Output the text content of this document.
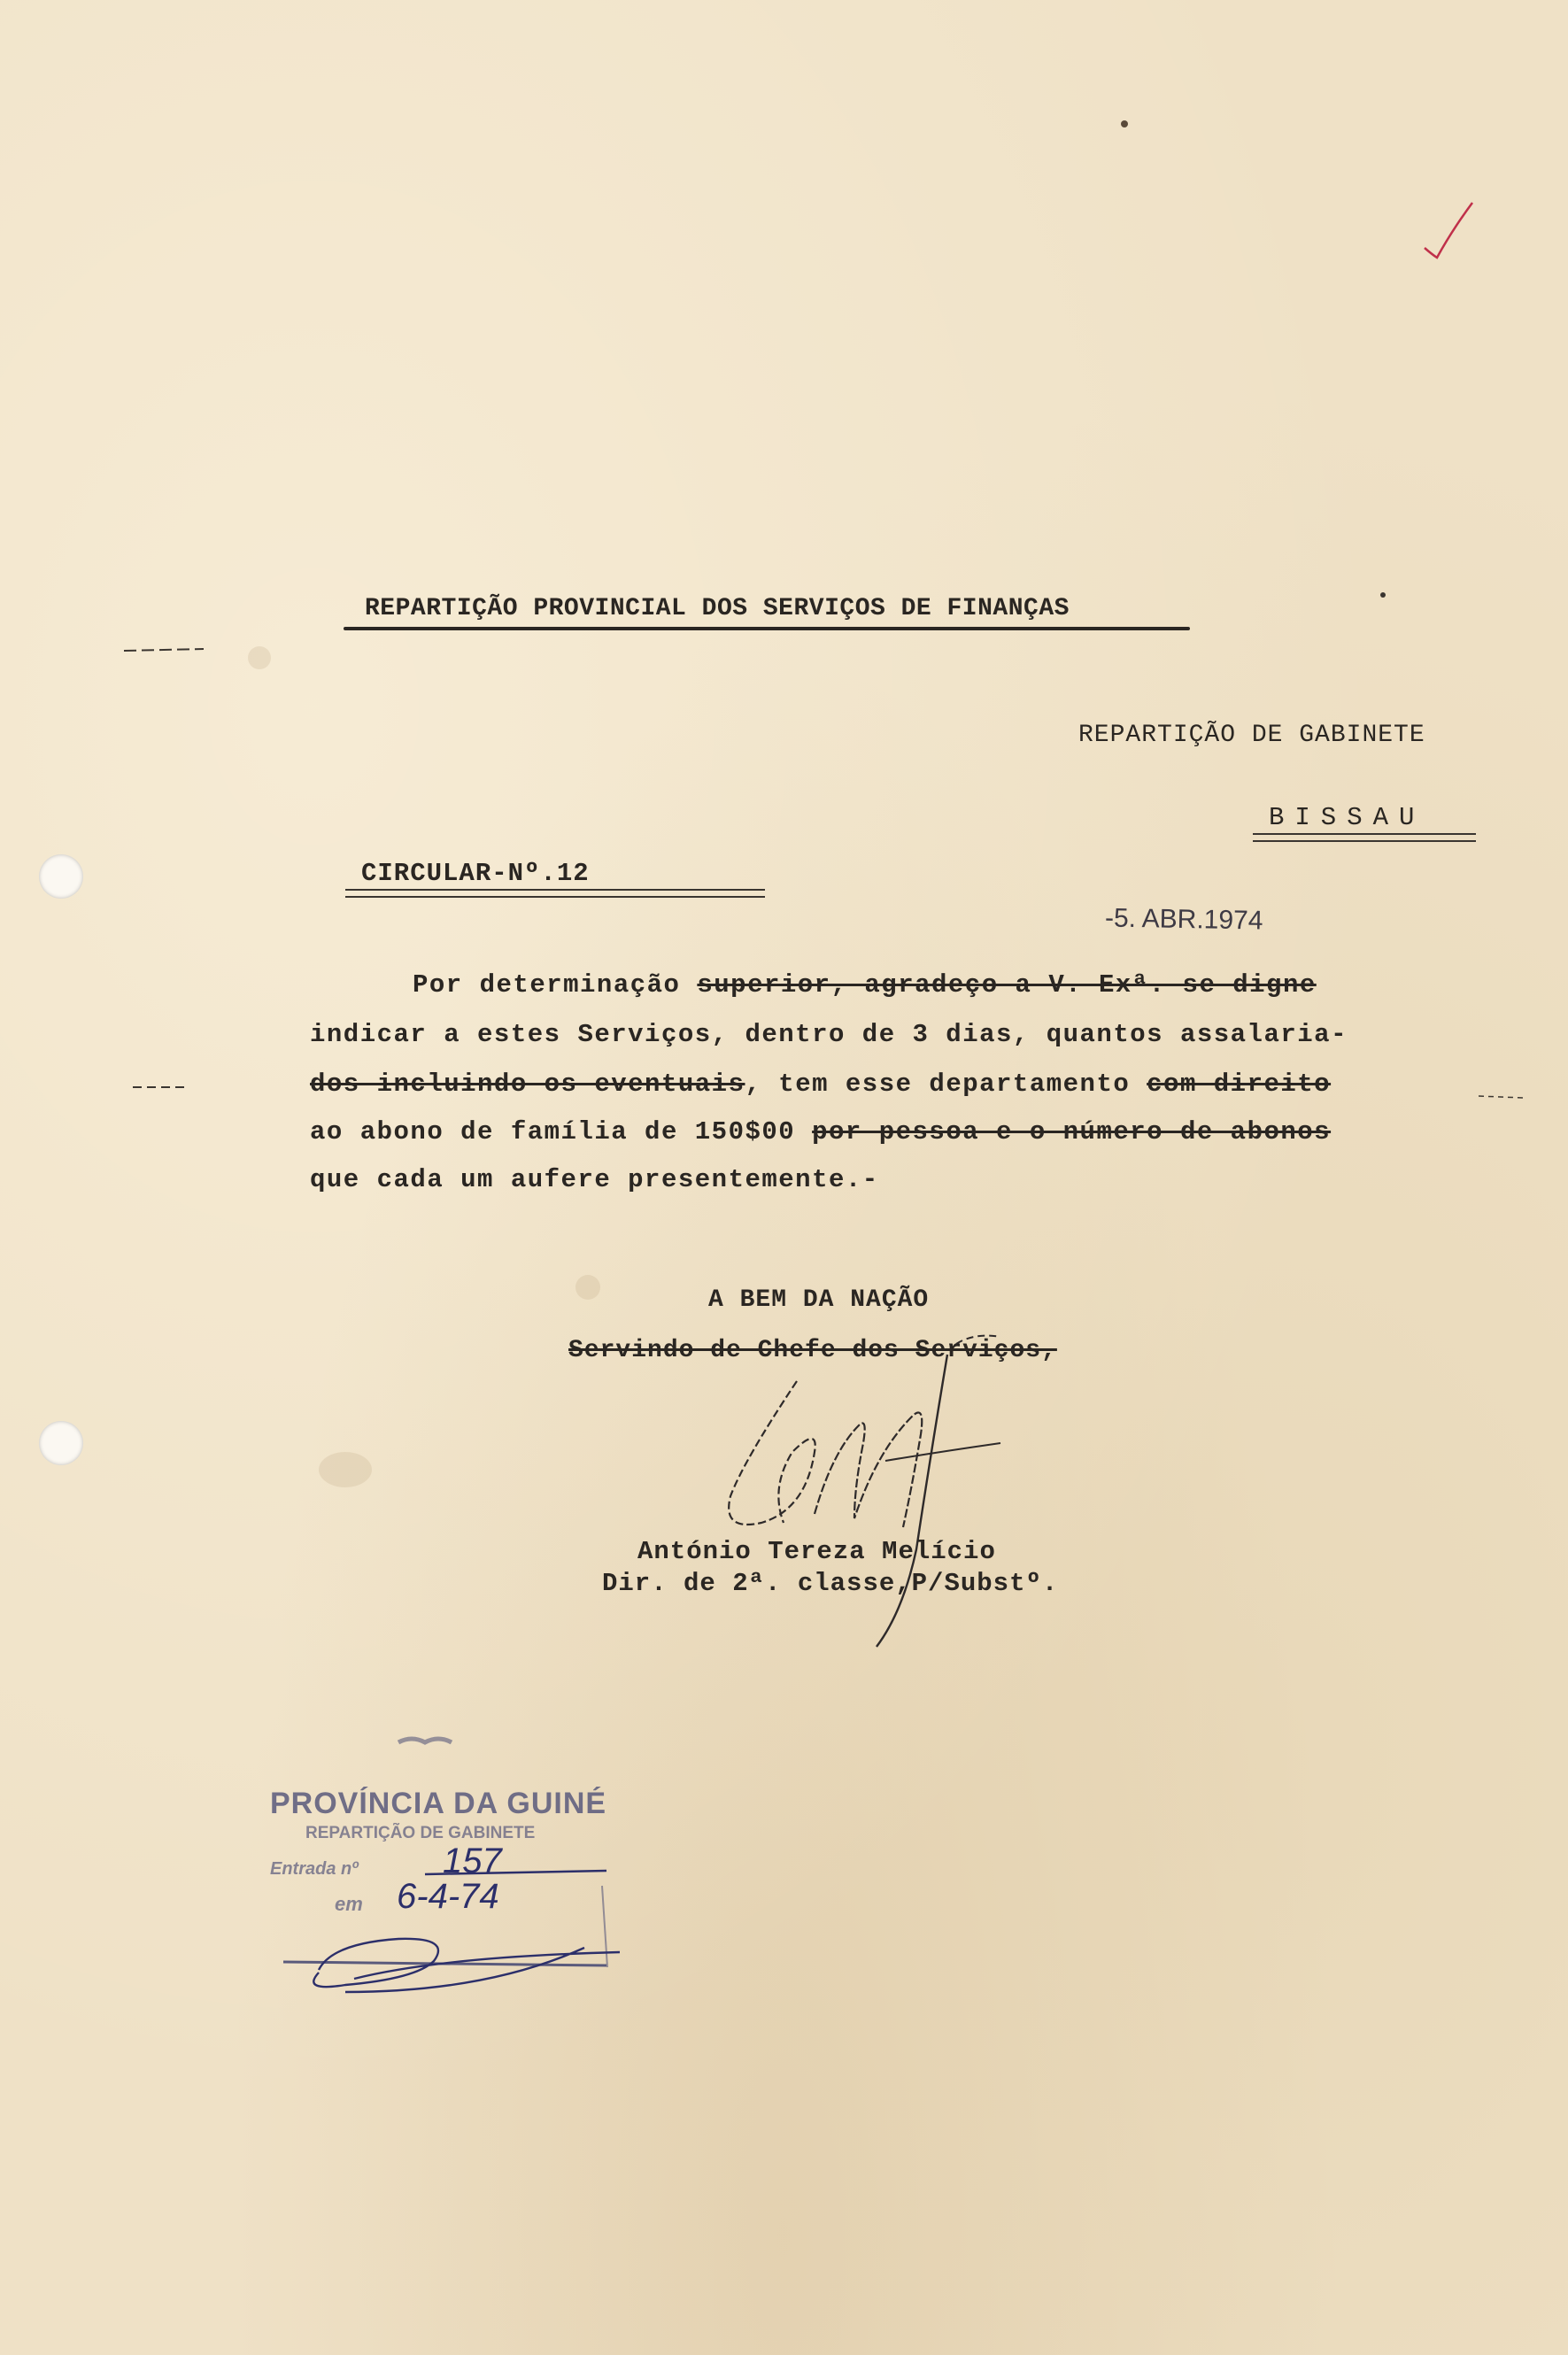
REPARTIÇÃO PROVINCIAL DOS SERVIÇOS DE FINANÇAS
REPARTIÇÃO DE GABINETE
BISSAU
CIRCULAR-Nº.12
-5. ABR.1974
Por determinação superior, agradeço a V. Exª. se digne
indicar a estes Serviços, dentro de 3 dias, quantos assalaria-
dos incluindo os eventuais, tem esse departamento com direito
ao abono de família de 150$00 por pessoa e o número de abonos
que cada um aufere presentemente.-
A BEM DA NAÇÃO
Servindo de Chefe dos Serviços,
António Tereza Melício
Dir. de 2ª. classe,P/Substº.
PROVÍNCIA DA GUINÉ
REPARTIÇÃO DE GABINETE
Entrada nº 157
em 6-4-74
